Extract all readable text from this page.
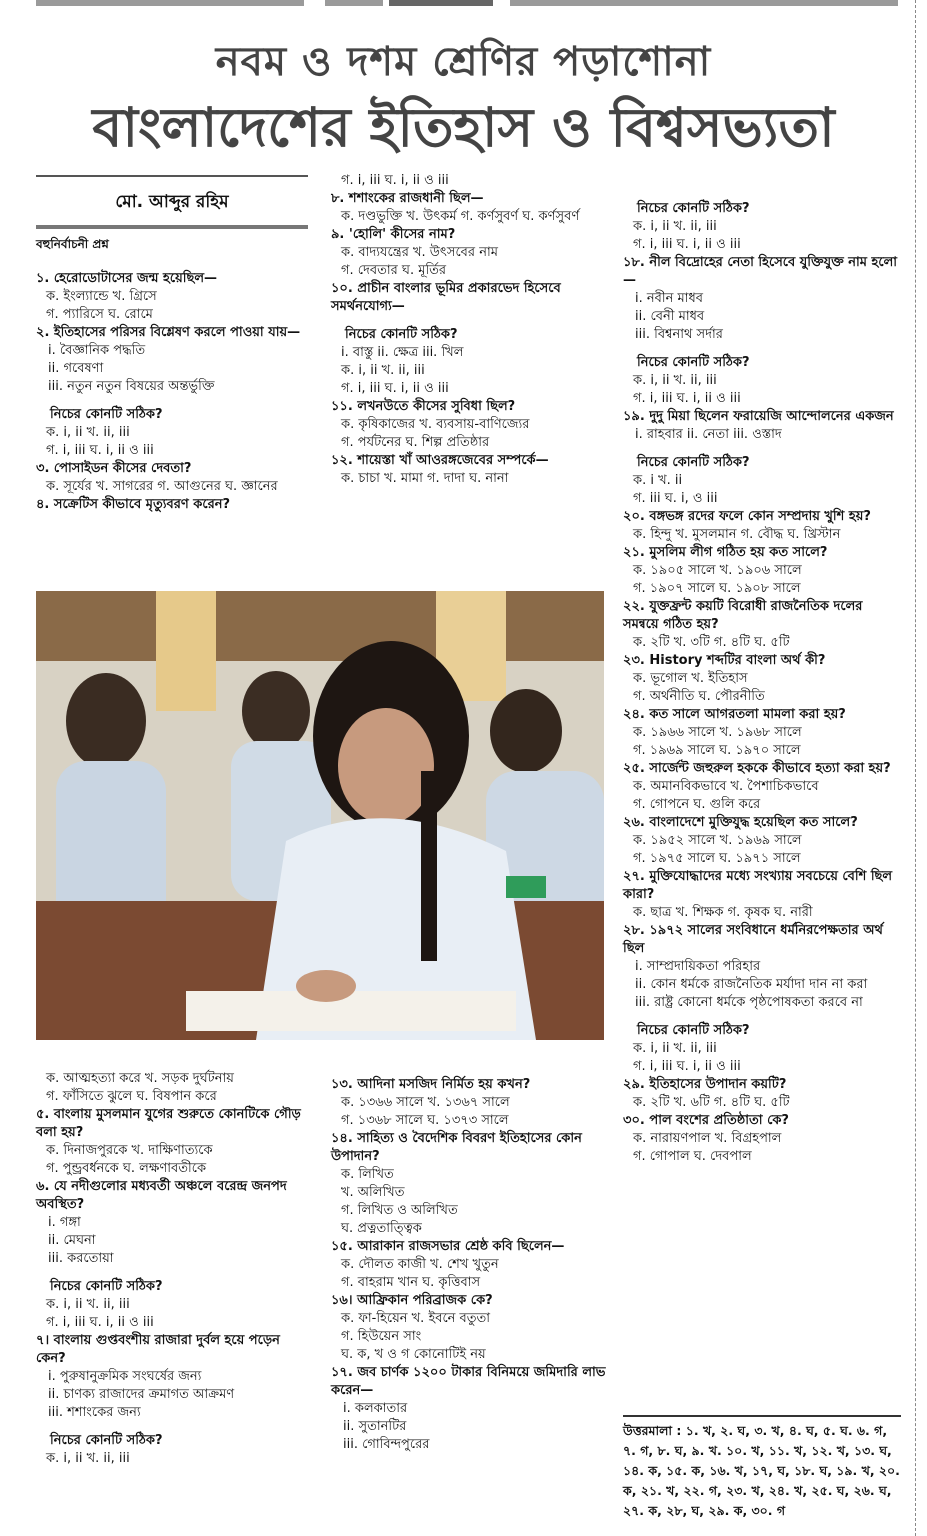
নবম ও দশম শ্রেণির পড়াশোনা
বাংলাদেশের ইতিহাস ও বিশ্বসভ্যতা
মো. আব্দুর রহিম
বহুনির্বাচনী প্রশ্ন
১. হেরোডোটাসের জন্ম হয়েছিল—
ক. ইংল্যান্ডে খ. গ্রিসে
গ. প্যারিসে ঘ. রোমে
২. ইতিহাসের পরিসর বিশ্লেষণ করলে পাওয়া যায়—
i. বৈজ্ঞানিক পদ্ধতি
ii. গবেষণা
iii. নতুন নতুন বিষয়ের অন্তর্ভুক্তি
নিচের কোনটি সঠিক?
ক. i, ii খ. ii, iii
গ. i, iii ঘ. i, ii ও iii
৩. পোসাইডন কীসের দেবতা?
ক. সূর্যের খ. সাগরের গ. আগুনের ঘ. জ্ঞানের
৪. সক্রেটিস কীভাবে মৃত্যুবরণ করেন?
ক. আত্মহত্যা করে খ. সড়ক দুর্ঘটনায়
গ. ফাঁসিতে ঝুলে ঘ. বিষপান করে
৫. বাংলায় মুসলমান যুগের শুরুতে কোনটিকে গৌড় বলা হয়?
ক. দিনাজপুরকে খ. দাক্ষিণাত্যকে
গ. পুন্ড্রবর্ধনকে ঘ. লক্ষণাবতীকে
৬. যে নদীগুলোর মধ্যবর্তী অঞ্চলে বরেন্দ্র জনপদ অবস্থিত?
i. গঙ্গা
ii. মেঘনা
iii. করতোয়া
নিচের কোনটি সঠিক?
ক. i, ii খ. ii, iii
গ. i, iii ঘ. i, ii ও iii
৭। বাংলায় গুপ্তবংশীয় রাজারা দুর্বল হয়ে পড়েন কেন?
i. পুরুষানুক্রমিক সংঘর্ষের জন্য
ii. চাণক্য রাজাদের ক্রমাগত আক্রমণ
iii. শশাংকের জন্য
নিচের কোনটি সঠিক?
ক. i, ii খ. ii, iii
গ. i, iii ঘ. i, ii ও iii
৮. শশাংকের রাজধানী ছিল—
ক. দণ্ডভুক্তি খ. উৎকর্ম গ. কর্ণসুবর্ণ ঘ. কর্ণসুবর্ণ
৯. 'হোলি' কীসের নাম?
ক. বাদ্যযন্ত্রের খ. উৎসবের নাম
গ. দেবতার ঘ. মূর্তির
১০. প্রাচীন বাংলার ভূমির প্রকারভেদ হিসেবে সমর্থনযোগ্য—
নিচের কোনটি সঠিক?
i. বাস্তু ii. ক্ষেত্র iii. খিল
ক. i, ii খ. ii, iii
গ. i, iii ঘ. i, ii ও iii
১১. লখনউতে কীসের সুবিধা ছিল?
ক. কৃষিকাজের খ. ব্যবসায়-বাণিজ্যের
গ. পর্যটনের ঘ. শিল্প প্রতিষ্ঠার
১২. শায়েস্তা খাঁ আওরঙ্গজেবের সম্পর্কে—
ক. চাচা খ. মামা গ. দাদা ঘ. নানা
১৩. আদিনা মসজিদ নির্মিত হয় কখন?
ক. ১৩৬৬ সালে খ. ১৩৬৭ সালে
গ. ১৩৬৮ সালে ঘ. ১৩৭৩ সালে
১৪. সাহিত্য ও বৈদেশিক বিবরণ ইতিহাসের কোন উপাদান?
ক. লিখিত
খ. অলিখিত
গ. লিখিত ও অলিখিত
ঘ. প্রত্নতাত্ত্বিক
১৫. আরাকান রাজসভার শ্রেষ্ঠ কবি ছিলেন—
ক. দৌলত কাজী খ. শেখ খুতুন
গ. বাহরাম খান ঘ. কৃত্তিবাস
১৬। আফ্রিকান পরিব্রাজক কে?
ক. ফা-হিয়েন খ. ইবনে বতুতা
গ. হিউয়েন সাং
ঘ. ক, খ ও গ কোনোটিই নয়
১৭. জব চার্ণক ১২০০ টাকার বিনিময়ে জমিদারি লাভ করেন—
i. কলকাতার
ii. সুতানটির
iii. গোবিন্দপুরের
নিচের কোনটি সঠিক?
ক. i, ii খ. ii, iii
গ. i, iii ঘ. i, ii ও iii
১৮. নীল বিদ্রোহের নেতা হিসেবে যুক্তিযুক্ত নাম হলো—
i. নবীন মাধব
ii. বেনী মাধব
iii. বিশ্বনাথ সর্দার
নিচের কোনটি সঠিক?
ক. i, ii খ. ii, iii
গ. i, iii ঘ. i, ii ও iii
১৯. দুদু মিয়া ছিলেন ফরায়েজি আন্দোলনের একজন
i. রাহবার ii. নেতা iii. ওস্তাদ
নিচের কোনটি সঠিক?
ক. i খ. ii
গ. iii ঘ. i, ও iii
২০. বঙ্গভঙ্গ রদের ফলে কোন সম্প্রদায় খুশি হয়?
ক. হিন্দু খ. মুসলমান গ. বৌদ্ধ ঘ. খ্রিস্টান
২১. মুসলিম লীগ গঠিত হয় কত সালে?
ক. ১৯০৫ সালে খ. ১৯০৬ সালে
গ. ১৯০৭ সালে ঘ. ১৯০৮ সালে
২২. যুক্তফ্রন্ট কয়টি বিরোধী রাজনৈতিক দলের সমন্বয়ে গঠিত হয়?
ক. ২টি খ. ৩টি গ. ৪টি ঘ. ৫টি
২৩. History শব্দটির বাংলা অর্থ কী?
ক. ভূগোল খ. ইতিহাস
গ. অর্থনীতি ঘ. পৌরনীতি
২৪. কত সালে আগরতলা মামলা করা হয়?
ক. ১৯৬৬ সালে খ. ১৯৬৮ সালে
গ. ১৯৬৯ সালে ঘ. ১৯৭০ সালে
২৫. সার্জেন্ট জহুরুল হককে কীভাবে হত্যা করা হয়?
ক. অমানবিকভাবে খ. পৈশাচিকভাবে
গ. গোপনে ঘ. গুলি করে
২৬. বাংলাদেশে মুক্তিযুদ্ধ হয়েছিল কত সালে?
ক. ১৯৫২ সালে খ. ১৯৬৯ সালে
গ. ১৯৭৫ সালে ঘ. ১৯৭১ সালে
২৭. মুক্তিযোদ্ধাদের মধ্যে সংখ্যায় সবচেয়ে বেশি ছিল কারা?
ক. ছাত্র খ. শিক্ষক গ. কৃষক ঘ. নারী
২৮. ১৯৭২ সালের সংবিধানে ধর্মনিরপেক্ষতার অর্থ ছিল
i. সাম্প্রদায়িকতা পরিহার
ii. কোন ধর্মকে রাজনৈতিক মর্যাদা দান না করা
iii. রাষ্ট্র কোনো ধর্মকে পৃষ্ঠপোষকতা করবে না
নিচের কোনটি সঠিক?
ক. i, ii খ. ii, iii
গ. i, iii ঘ. i, ii ও iii
২৯. ইতিহাসের উপাদান কয়টি?
ক. ২টি খ. ৬টি গ. ৪টি ঘ. ৫টি
৩০. পাল বংশের প্রতিষ্ঠাতা কে?
ক. নারায়ণপাল খ. বিগ্রহপাল
গ. গোপাল ঘ. দেবপাল
উত্তরমালা : ১. খ, ২. ঘ, ৩. খ, ৪. ঘ, ৫. ঘ. ৬. গ, ৭. গ, ৮. ঘ, ৯. খ. ১০. খ, ১১. খ, ১২. খ, ১৩. ঘ, ১৪. ক, ১৫. ক, ১৬. খ, ১৭, ঘ, ১৮. ঘ, ১৯. খ, ২০. ক, ২১. খ, ২২. গ, ২৩. খ, ২৪. খ, ২৫. ঘ, ২৬. ঘ, ২৭. ক, ২৮, ঘ, ২৯. ক, ৩০. গ
